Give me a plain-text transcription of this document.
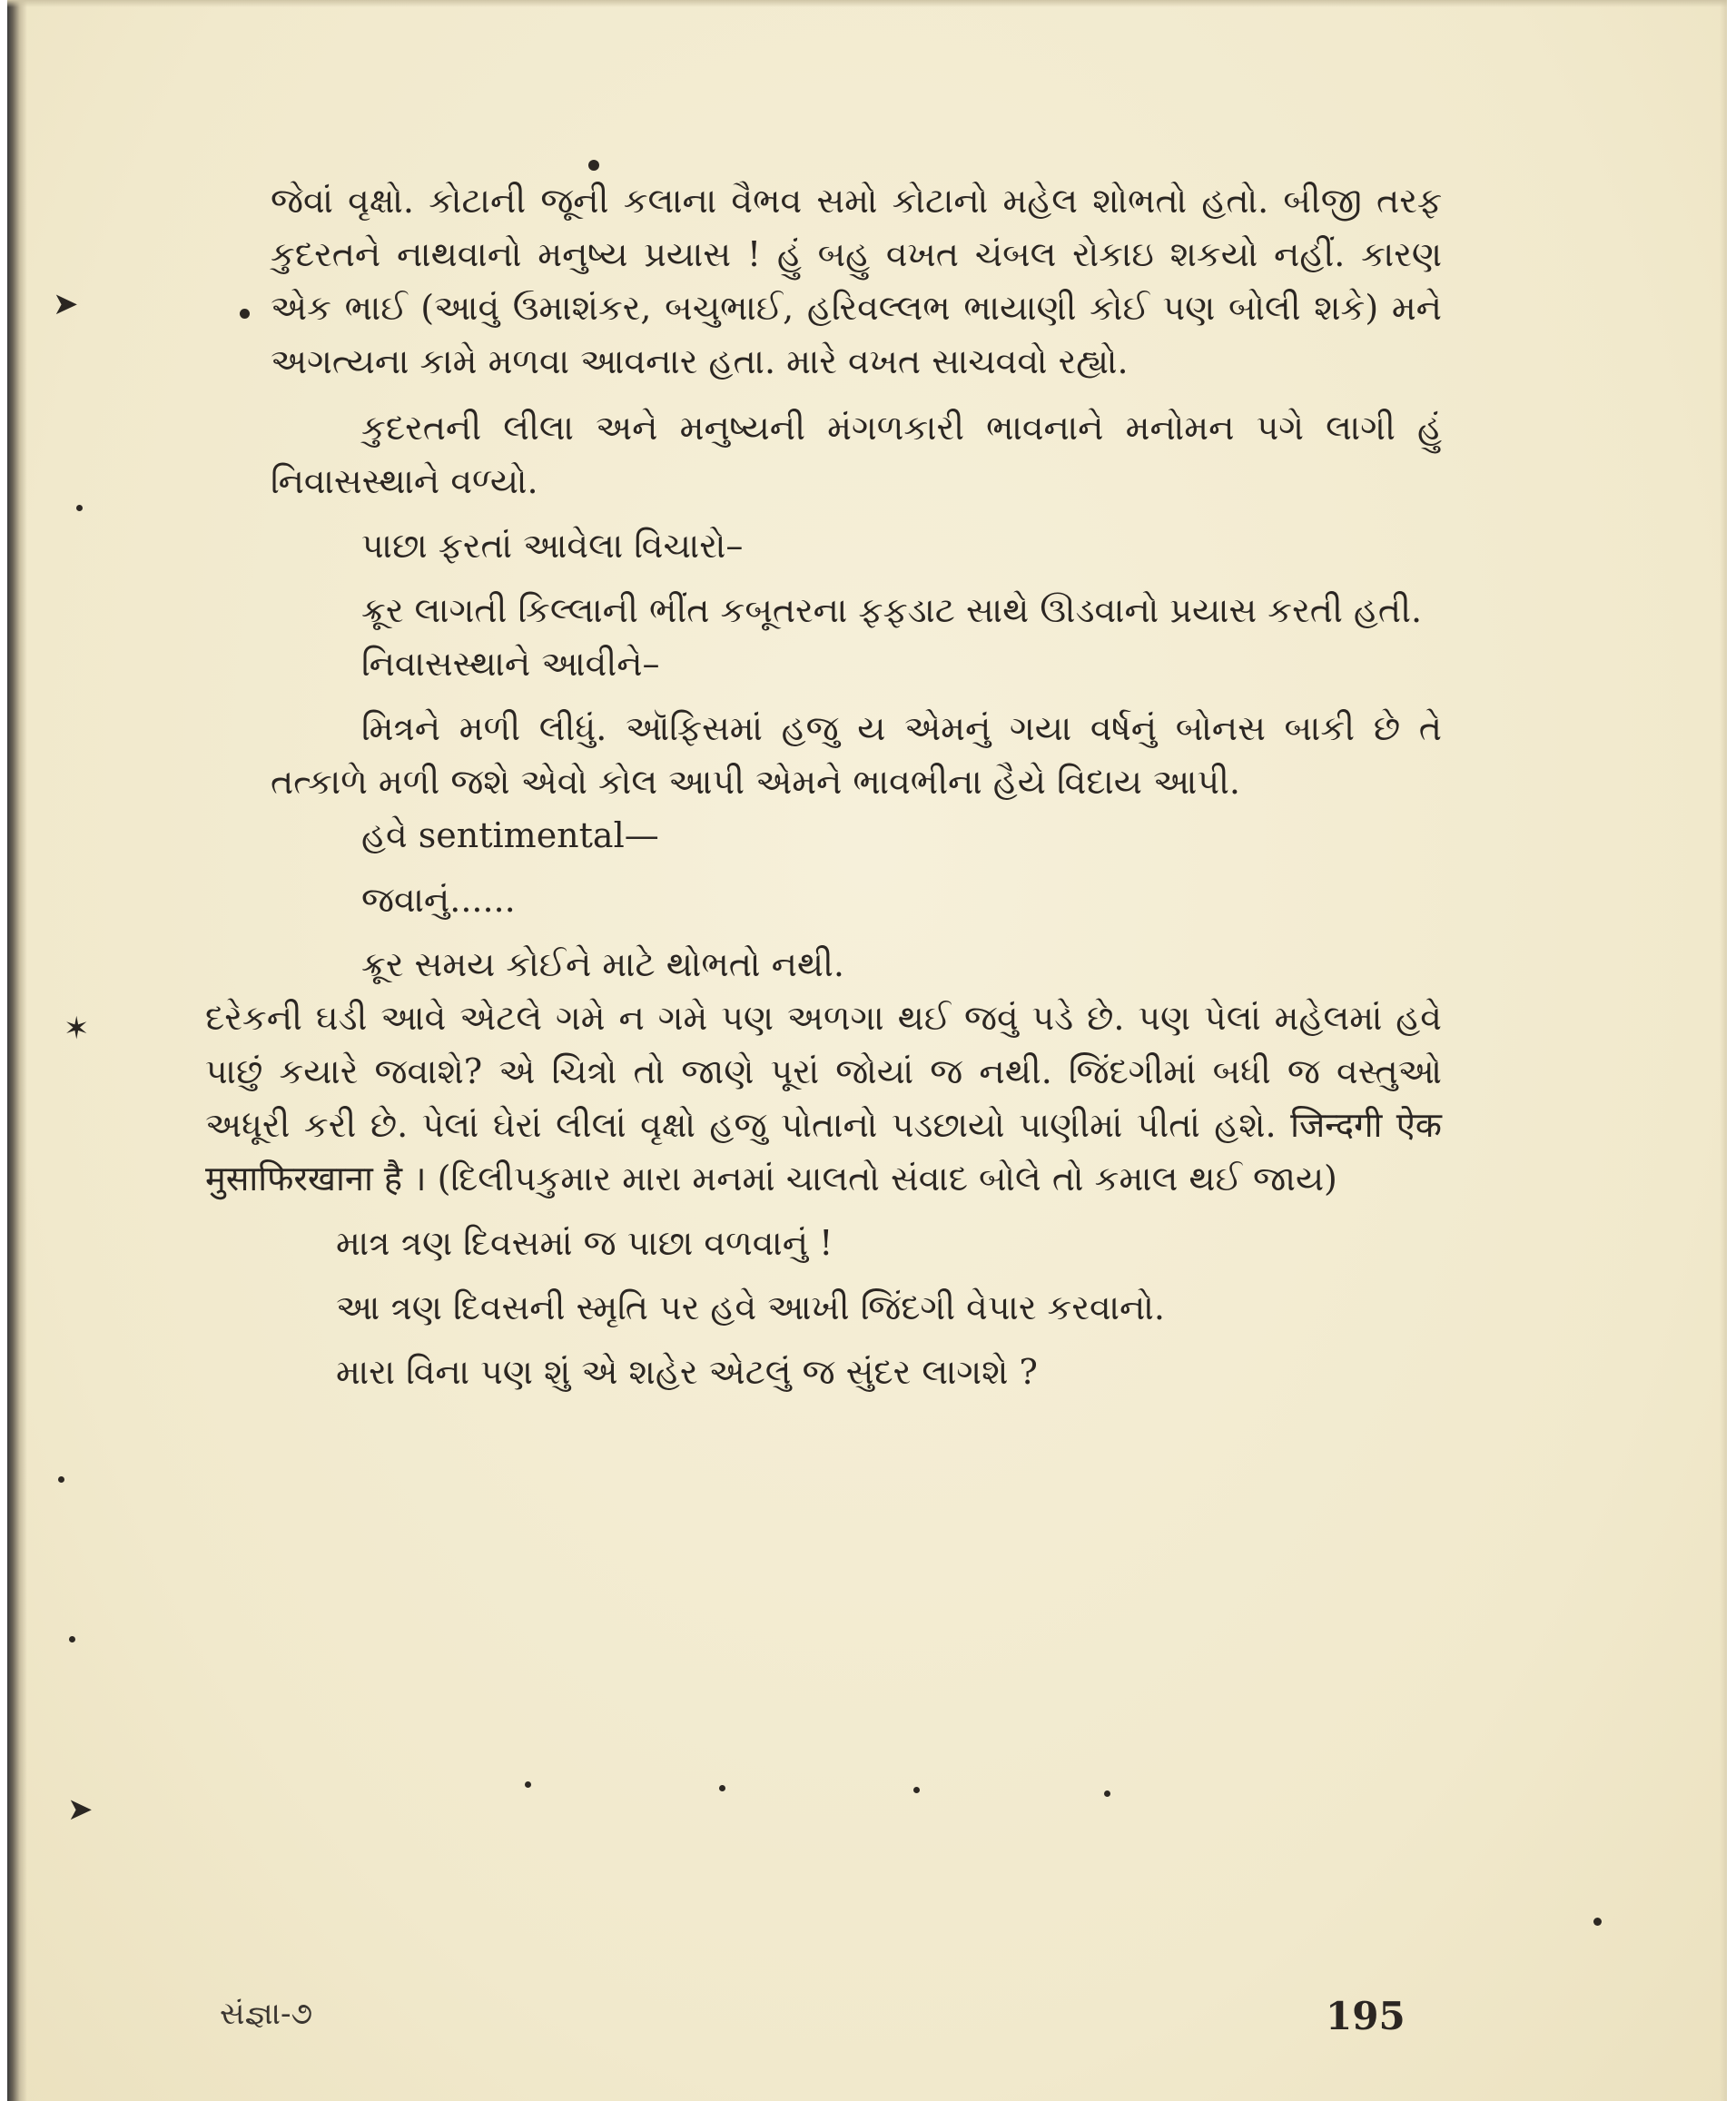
➤
✶
➤

જેવાં વૃક્ષો. કોટાની જૂની કલાના વૈભવ સમો કોટાનો મહેલ શોભતો હતો. બીજી તરફ કુદરતને નાથવાનો મનુષ્ય પ્રયાસ ! હું બહુ વખત ચંબલ રોકાઇ શકયો નહીં. કારણ એક ભાઈ (આવું ઉમાશંકર, બચુભાઈ, હરિવલ્લભ ભાયાણી કોઈ પણ બોલી શકે) મને અગત્યના કામે મળવા આવનાર હતા. મારે વખત સાચવવો રહ્યો.

કુદરતની લીલા અને મનુષ્યની મંગળકારી ભાવનાને મનોમન પગે લાગી હું નિવાસસ્થાને વળ્યો.

પાછા ફરતાં આવેલા વિચારો–

ક્રૂર લાગતી કિલ્લાની ભીંત કબૂતરના ફફડાટ સાથે ઊડવાનો પ્રયાસ કરતી હતી.

નિવાસસ્થાને આવીને–

મિત્રને મળી લીધું. ઑફિસમાં હજુ ય એમનું ગયા વર્ષનું બોનસ બાકી છે તે તત્કાળે મળી જશે એવો કોલ આપી એમને ભાવભીના હૈયે વિદાય આપી.

હવે sentimental—

જવાનું......

ક્રૂર સમય કોઈને માટે થોભતો નથી.

દરેકની ઘડી આવે એટલે ગમે ન ગમે પણ અળગા થઈ જવું પડે છે. પણ પેલાં મહેલમાં હવે પાછું કયારે જવાશે? એ ચિત્રો તો જાણે પૂરાં જોયાં જ નથી. જિંદગીમાં બધી જ વસ્તુઓ અધૂરી કરી છે. પેલાં ઘેરાં લીલાં વૃક્ષો હજુ પોતાનો પડછાયો પાણીમાં પીતાં હશે. जिन्दगी ऐक मुसाफिरखाना है । (દિલીપકુમાર મારા મનમાં ચાલતો સંવાદ બોલે તો કમાલ થઈ જાય)

માત્ર ત્રણ દિવસમાં જ પાછા વળવાનું !

આ ત્રણ દિવસની સ્મૃતિ પર હવે આખી જિંદગી વેપાર કરવાનો.

મારા વિના પણ શું એ શહેર એટલું જ સુંદર લાગશે ?

સંજ્ઞા-૭	195
